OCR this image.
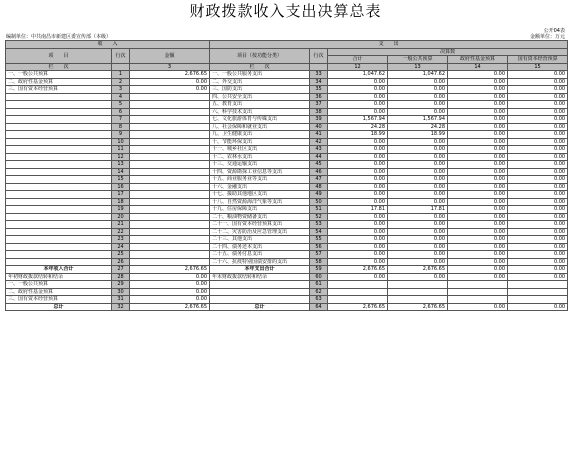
财政拨款收入支出决算总表
公开04表
编制单位：中共南昌市新建区委宣传部（本级）	金额单位：万元
收　　入			支　　出					
项　　目	行次	金额	项目（按功能分类）	行次	决算数			
					合计	一般公共预算	政府性基金预算	国有资本经营预算

栏　　次		3	栏　　次		12	13	14	15
一、一般公共预算	1	2,676.65	一、一般公共服务支出	33	1,047.62	1,047.62	0.00	0.00
二、政府性基金预算	2	0.00	二、外交支出	34	0.00	0.00	0.00	0.00
三、国有资本经营预算	3	0.00	三、国防支出	35	0.00	0.00	0.00	0.00
	4		四、公共安全支出	36	0.00	0.00	0.00	0.00
	5		五、教育支出	37	0.00	0.00	0.00	0.00
	6		六、科学技术支出	38	0.00	0.00	0.00	0.00
	7		七、文化旅游体育与传媒支出	39	1,567.94	1,567.94	0.00	0.00
	8		八、社会保障和就业支出	40	24.28	24.28	0.00	0.00
	9		九、卫生健康支出	41	18.99	18.99	0.00	0.00
	10		十、节能环保支出	42	0.00	0.00	0.00	0.00
	11		十一、城乡社区支出	43	0.00	0.00	0.00	0.00
	12		十二、农林水支出	44	0.00	0.00	0.00	0.00
	13		十三、交通运输支出	45	0.00	0.00	0.00	0.00
	14		十四、资源勘探工业信息等支出	46	0.00	0.00	0.00	0.00
	15		十五、商业服务业等支出	47	0.00	0.00	0.00	0.00
	16		十六、金融支出	48	0.00	0.00	0.00	0.00
	17		十七、援助其他地区支出	49	0.00	0.00	0.00	0.00
	18		十八、自然资源海洋气象等支出	50	0.00	0.00	0.00	0.00
	19		十九、住房保障支出	51	17.81	17.81	0.00	0.00
	20		二十、粮油物资储备支出	52	0.00	0.00	0.00	0.00
	21		二十一、国有资本经营预算支出	53	0.00	0.00	0.00	0.00
	22		二十二、灾害防治及应急管理支出	54	0.00	0.00	0.00	0.00
	23		二十三、其他支出	55	0.00	0.00	0.00	0.00
	24		二十四、债务还本支出	56	0.00	0.00	0.00	0.00
	25		二十五、债务付息支出	57	0.00	0.00	0.00	0.00
	26		二十六、抗疫特别国债安排的支出	58	0.00	0.00	0.00	0.00
本年收入合计	27	2,676.65	本年支出合计	59	2,676.65	2,676.65	0.00	0.00
年初财政拨款结转和结余	28	0.00	年末财政拨款结转和结余	60	0.00	0.00	0.00	0.00
一、一般公共预算	29	0.00		61				
二、政府性基金预算	30	0.00		62				
三、国有资本经营预算	31	0.00		63				
总计	32	2,676.65	总计	64	2,676.65	2,676.65	0.00	0.00
